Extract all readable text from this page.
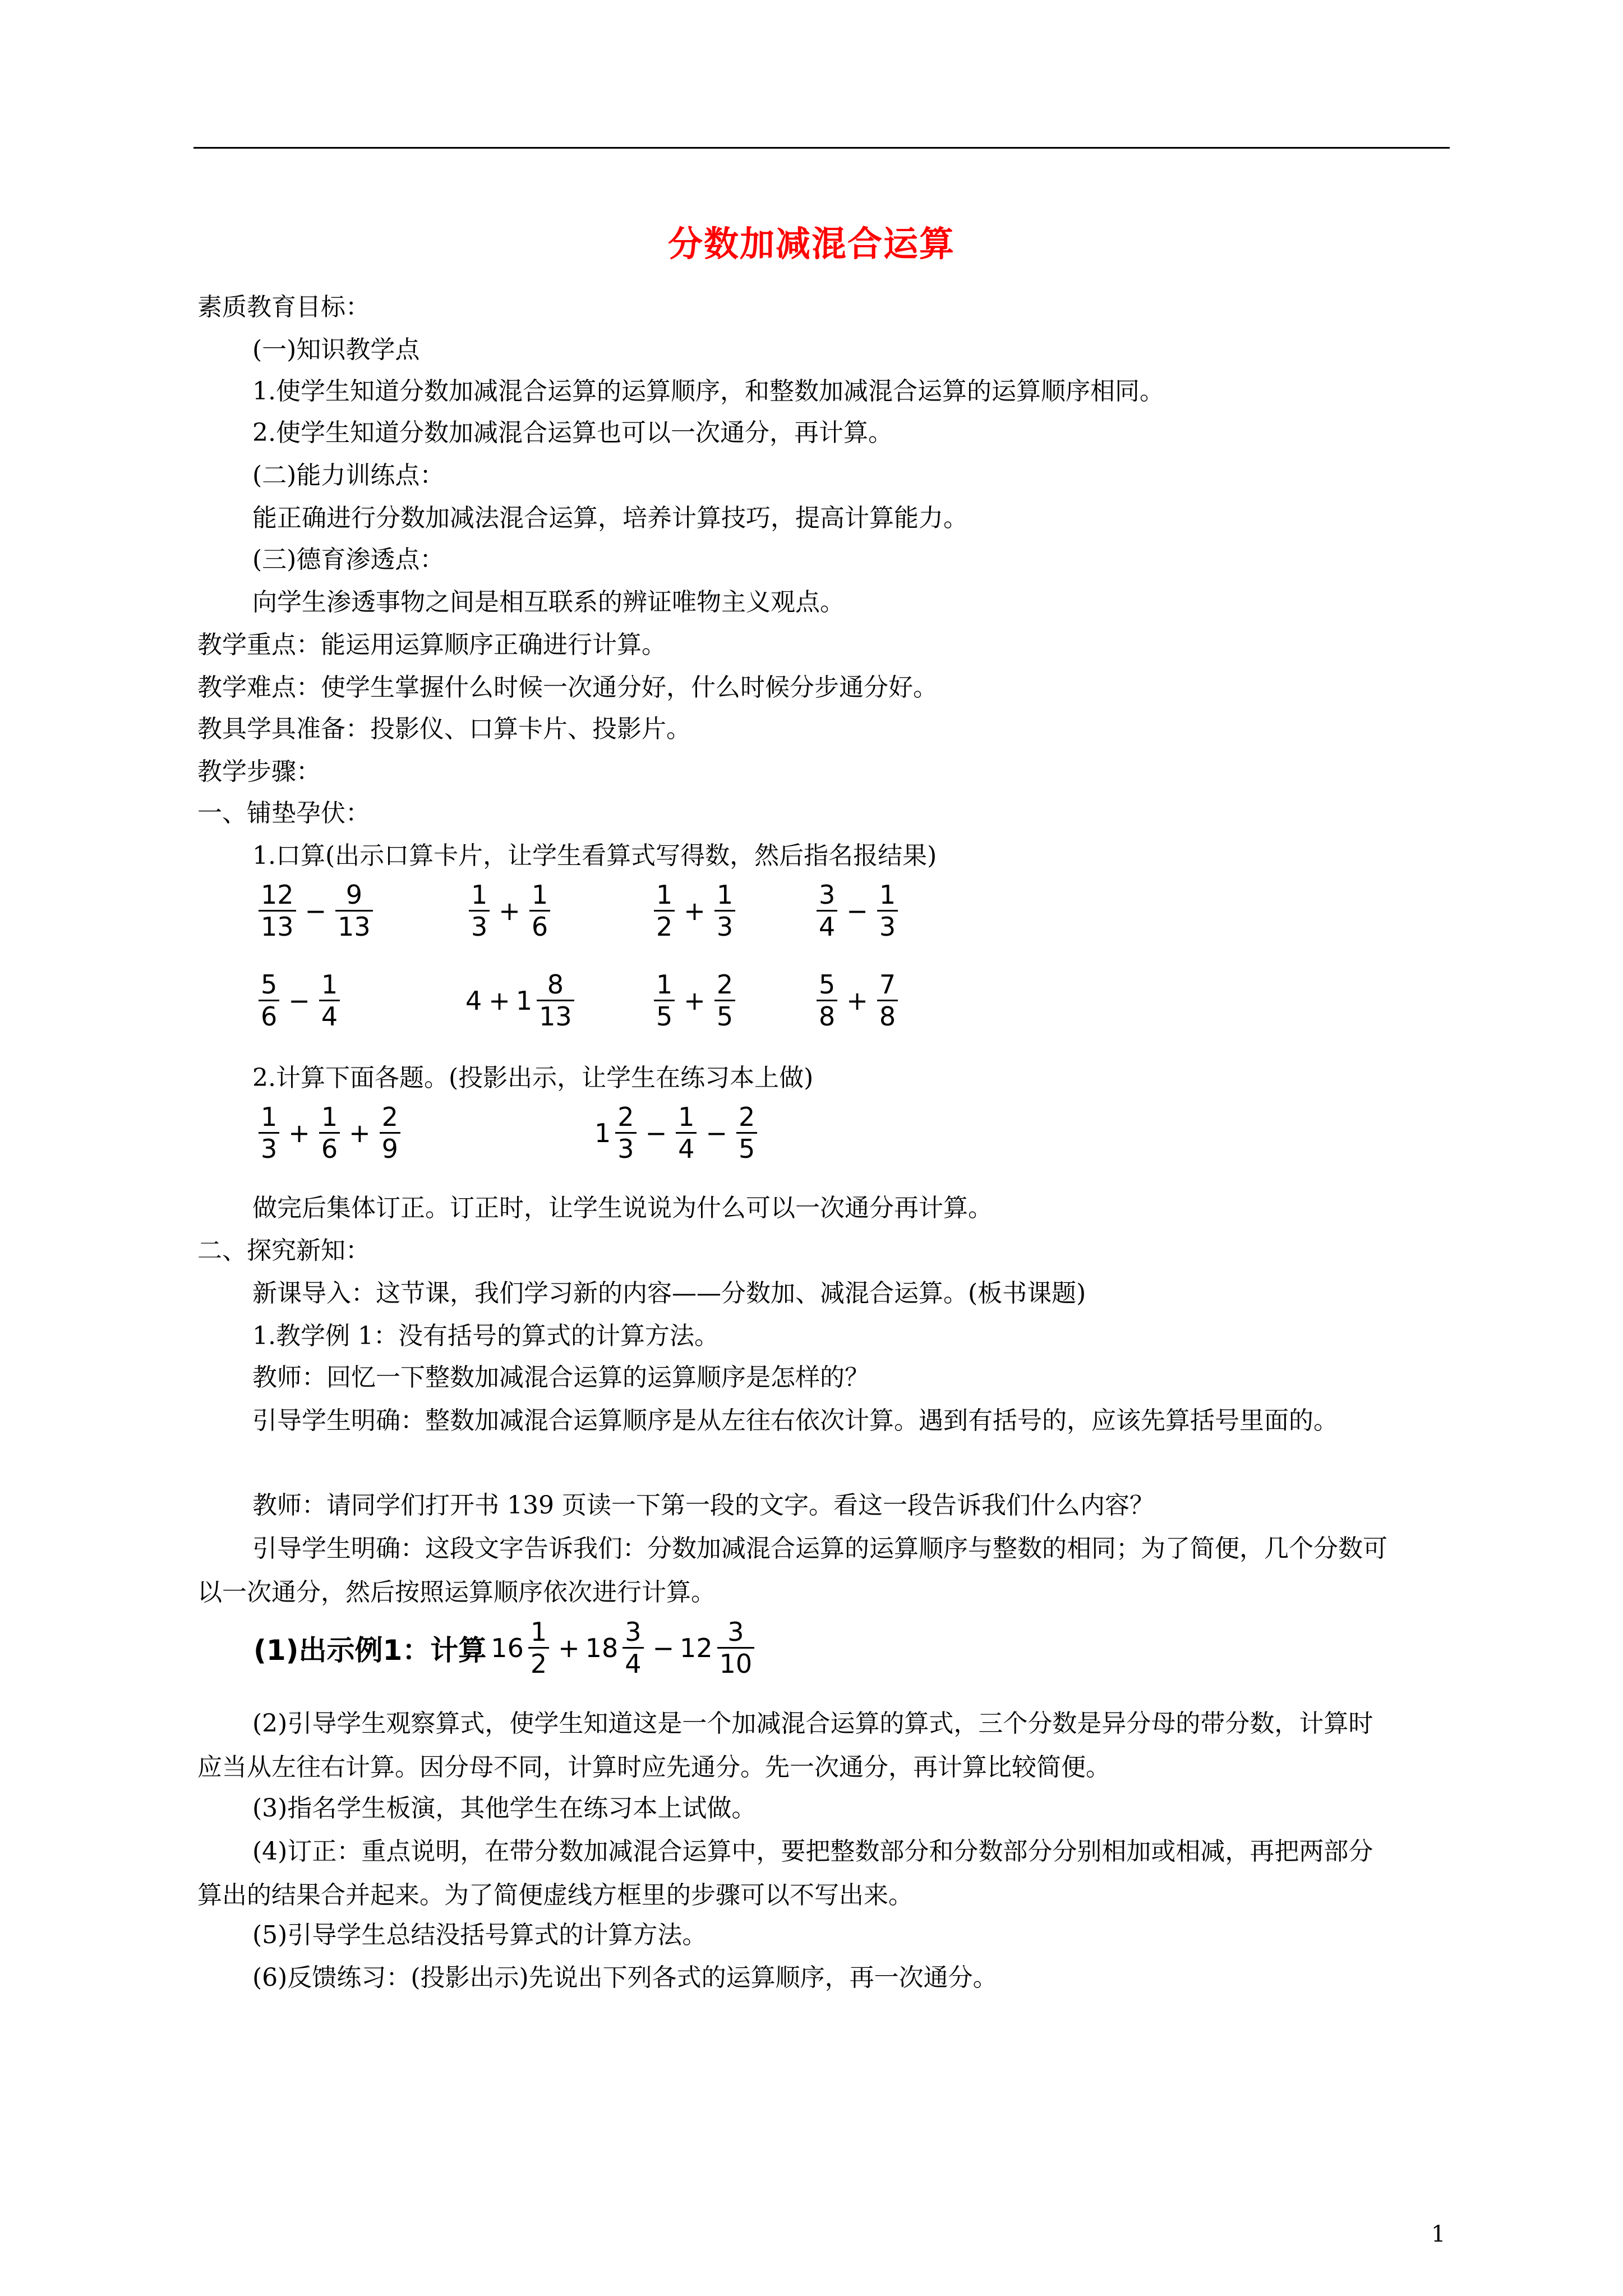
分数加减混合运算
素质教育目标：
(一)知识教学点
1.使学生知道分数加减混合运算的运算顺序，和整数加减混合运算的运算顺序相同。
2.使学生知道分数加减混合运算也可以一次通分，再计算。
(二)能力训练点：
能正确进行分数加减法混合运算，培养计算技巧，提高计算能力。
(三)德育渗透点：
向学生渗透事物之间是相互联系的辨证唯物主义观点。
教学重点：能运用运算顺序正确进行计算。
教学难点：使学生掌握什么时候一次通分好，什么时候分步通分好。
教具学具准备：投影仪、口算卡片、投影片。
教学步骤：
一、铺垫孕伏：
1.口算(出示口算卡片，让学生看算式写得数，然后指名报结果)
$\frac{12}{13} - \frac{9}{13}$	$\frac{1}{3} + \frac{1}{6}$	$\frac{1}{2} + \frac{1}{3}$	$\frac{3}{4} - \frac{1}{3}$
$\frac{5}{6} - \frac{1}{4}$	$4 + 1 \frac{8}{13}$	$\frac{1}{5} + \frac{2}{5}$	$\frac{5}{8} + \frac{7}{8}$
2.计算下面各题。(投影出示，让学生在练习本上做)
$\frac{1}{3} + \frac{1}{6} + \frac{2}{9}$	$1 \frac{2}{3} - \frac{1}{4} - \frac{2}{5}$
做完后集体订正。订正时，让学生说说为什么可以一次通分再计算。
二、探究新知：
新课导入：这节课，我们学习新的内容——分数加、减混合运算。(板书课题)
1.教学例 1：没有括号的算式的计算方法。
教师：回忆一下整数加减混合运算的运算顺序是怎样的？
引导学生明确：整数加减混合运算顺序是从左往右依次计算。遇到有括号的，应该先算括号里面的。
教师：请同学们打开书 139 页读一下第一段的文字。看这一段告诉我们什么内容？
引导学生明确：这段文字告诉我们：分数加减混合运算的运算顺序与整数的相同；为了简便，几个分数可以一次通分，然后按照运算顺序依次进行计算。
(1)出示例1：计算 $16 \frac{1}{2} + 18 \frac{3}{4} - 12 \frac{3}{10}$
(2)引导学生观察算式，使学生知道这是一个加减混合运算的算式，三个分数是异分母的带分数，计算时应当从左往右计算。因分母不同，计算时应先通分。先一次通分，再计算比较简便。
(3)指名学生板演，其他学生在练习本上试做。
(4)订正：重点说明，在带分数加减混合运算中，要把整数部分和分数部分分别相加或相减，再把两部分算出的结果合并起来。为了简便虚线方框里的步骤可以不写出来。
(5)引导学生总结没括号算式的计算方法。
(6)反馈练习：(投影出示)先说出下列各式的运算顺序，再一次通分。
1
